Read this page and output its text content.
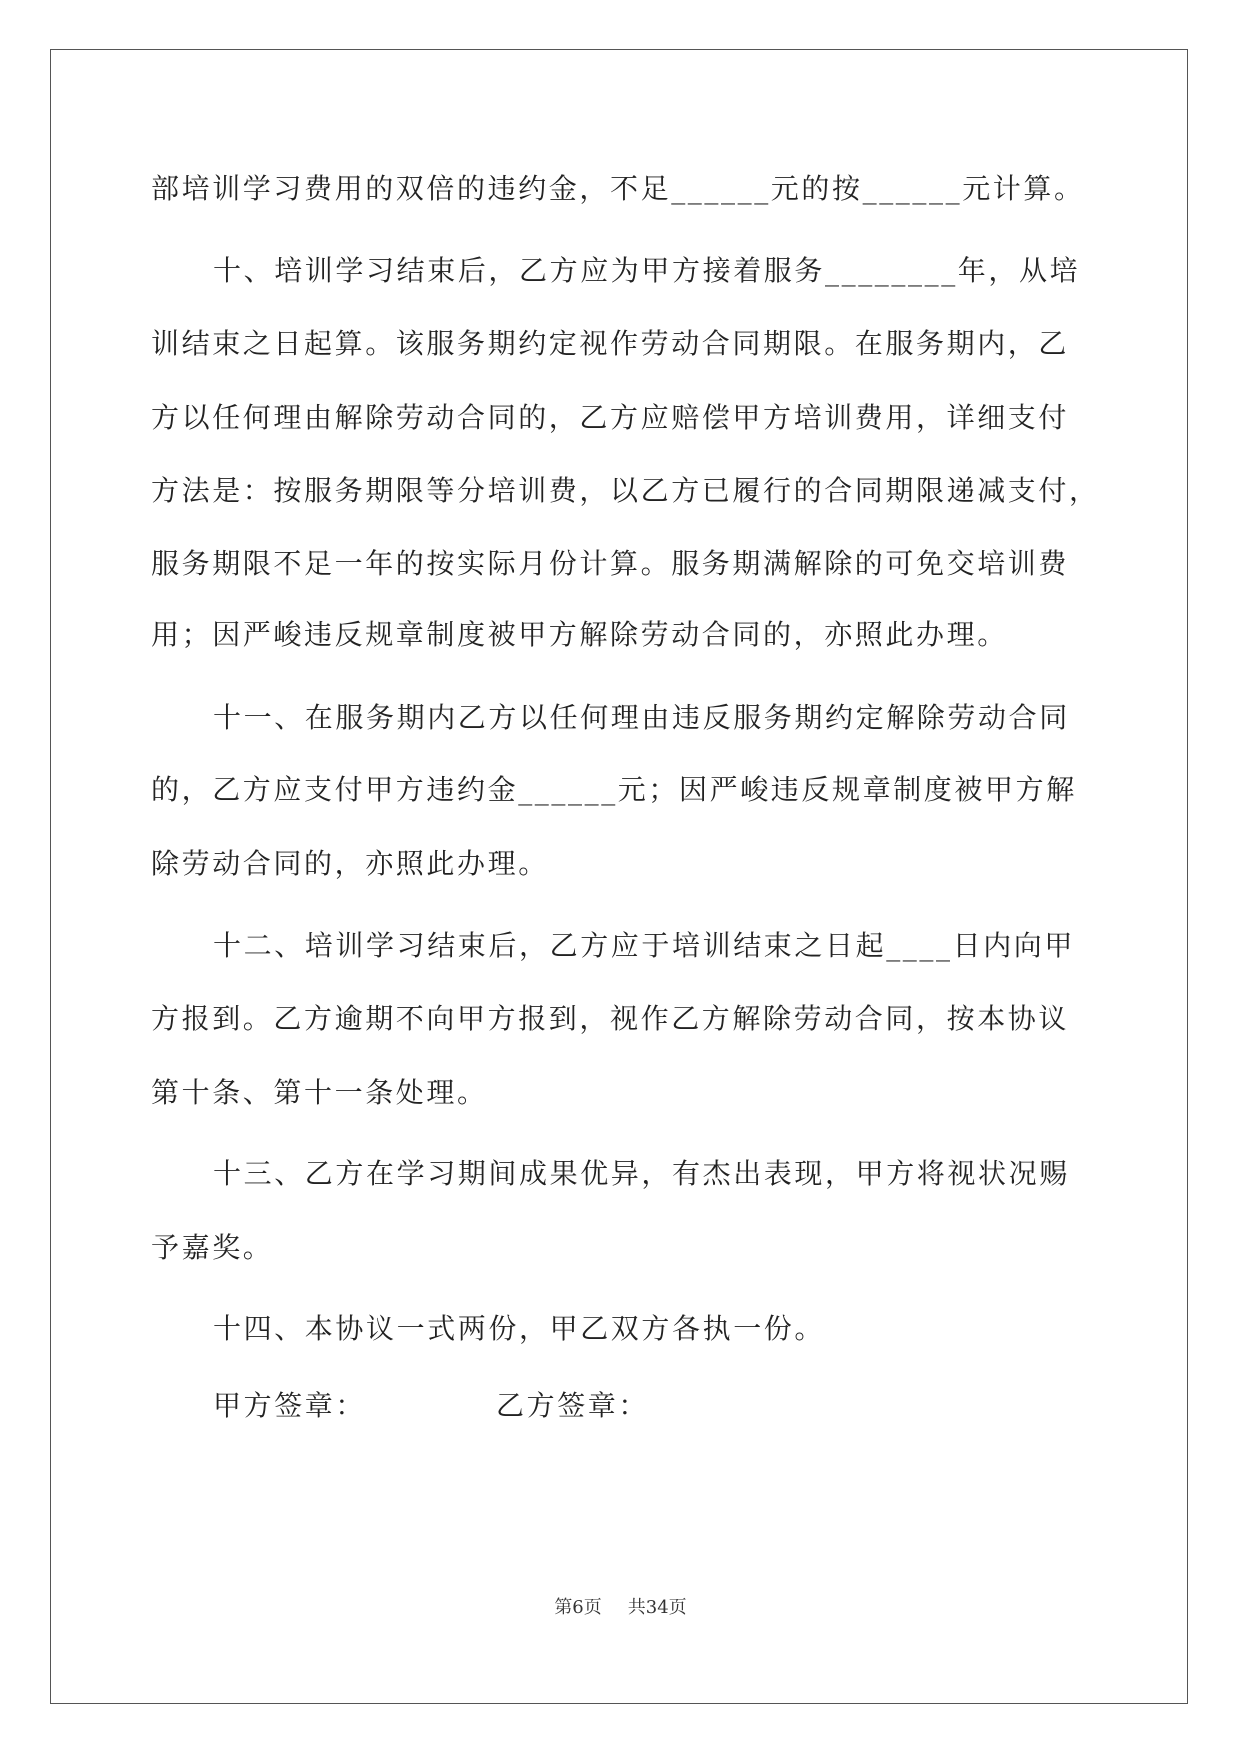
部培训学习费用的双倍的违约金，不足______元的按______元计算。
十、培训学习结束后，乙方应为甲方接着服务________年，从培
训结束之日起算。该服务期约定视作劳动合同期限。在服务期内，乙
方以任何理由解除劳动合同的，乙方应赔偿甲方培训费用，详细支付
方法是：按服务期限等分培训费，以乙方已履行的合同期限递减支付，
服务期限不足一年的按实际月份计算。服务期满解除的可免交培训费
用；因严峻违反规章制度被甲方解除劳动合同的，亦照此办理。
十一、在服务期内乙方以任何理由违反服务期约定解除劳动合同
的，乙方应支付甲方违约金______元；因严峻违反规章制度被甲方解
除劳动合同的，亦照此办理。
十二、培训学习结束后，乙方应于培训结束之日起____日内向甲
方报到。乙方逾期不向甲方报到，视作乙方解除劳动合同，按本协议
第十条、第十一条处理。
十三、乙方在学习期间成果优异，有杰出表现，甲方将视状况赐
予嘉奖。
十四、本协议一式两份，甲乙双方各执一份。
甲方签章：	乙方签章：
第6页 共34页
